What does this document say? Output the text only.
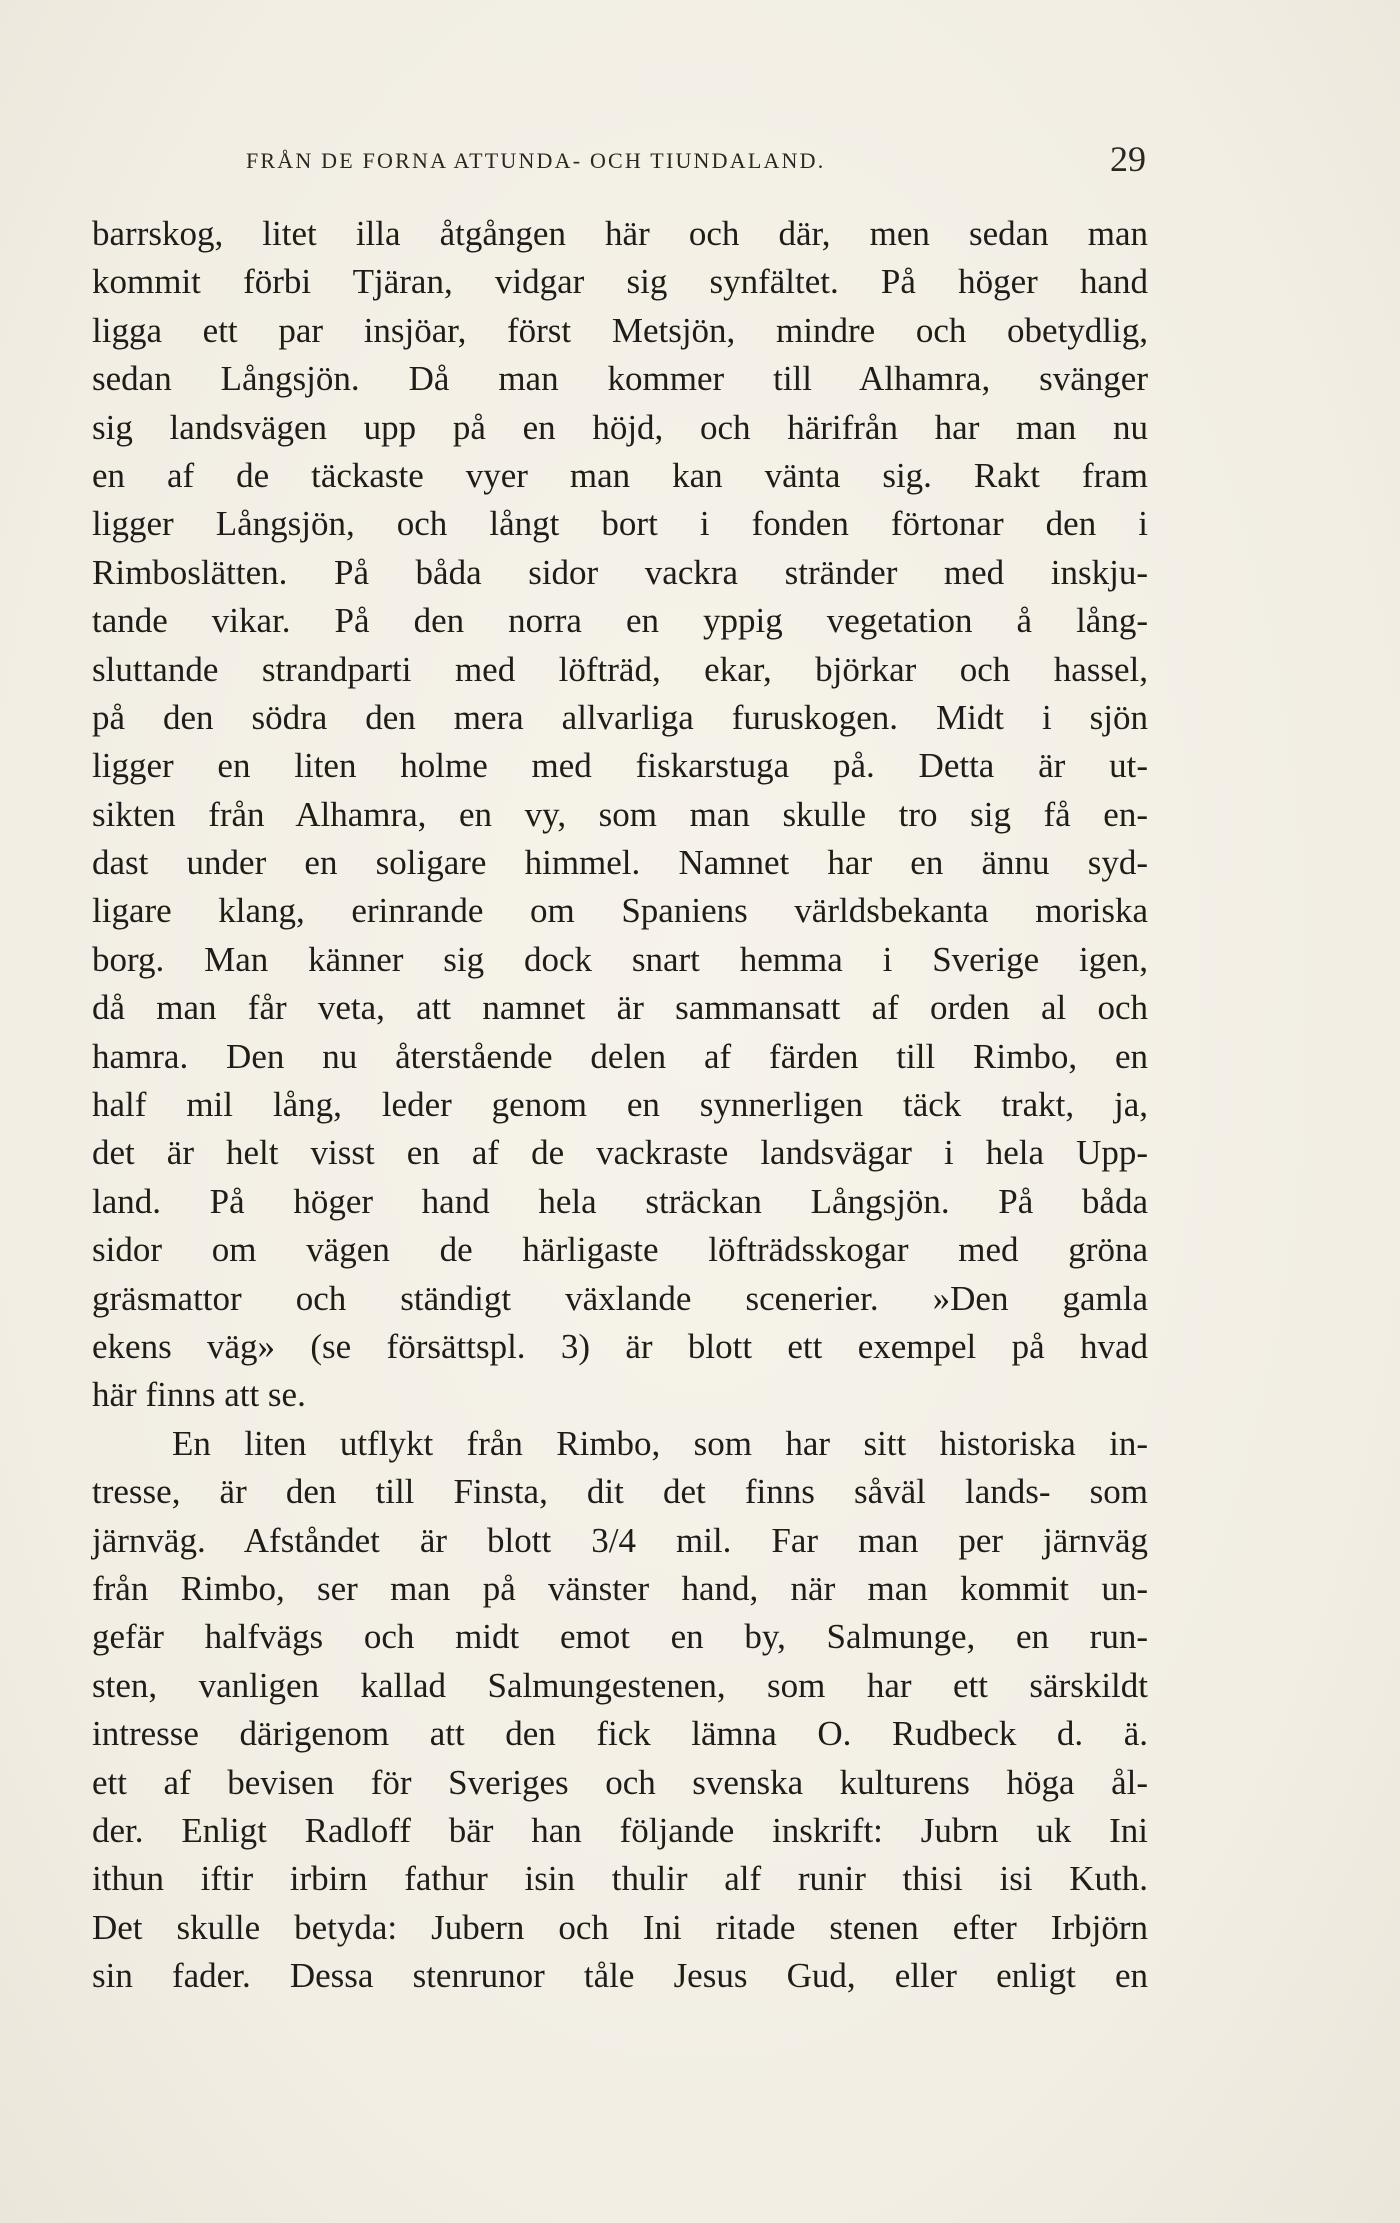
FRÅN DE FORNA ATTUNDA- OCH TIUNDALAND.	29
barrskog, litet illa åtgången här och där, men sedan man
kommit förbi Tjäran, vidgar sig synfältet. På höger hand
ligga ett par insjöar, först Metsjön, mindre och obetydlig,
sedan Långsjön. Då man kommer till Alhamra, svänger
sig landsvägen upp på en höjd, och härifrån har man nu
en af de täckaste vyer man kan vänta sig. Rakt fram
ligger Långsjön, och långt bort i fonden förtonar den i
Rimboslätten. På båda sidor vackra stränder med inskju-
tande vikar. På den norra en yppig vegetation å lång-
sluttande strandparti med löfträd, ekar, björkar och hassel,
på den södra den mera allvarliga furuskogen. Midt i sjön
ligger en liten holme med fiskarstuga på. Detta är ut-
sikten från Alhamra, en vy, som man skulle tro sig få en-
dast under en soligare himmel. Namnet har en ännu syd-
ligare klang, erinrande om Spaniens världsbekanta moriska
borg. Man känner sig dock snart hemma i Sverige igen,
då man får veta, att namnet är sammansatt af orden al och
hamra. Den nu återstående delen af färden till Rimbo, en
half mil lång, leder genom en synnerligen täck trakt, ja,
det är helt visst en af de vackraste landsvägar i hela Upp-
land. På höger hand hela sträckan Långsjön. På båda
sidor om vägen de härligaste löfträdsskogar med gröna
gräsmattor och ständigt växlande scenerier. »Den gamla
ekens väg» (se försättspl. 3) är blott ett exempel på hvad
här finns att se.
En liten utflykt från Rimbo, som har sitt historiska in-
tresse, är den till Finsta, dit det finns såväl lands- som
järnväg. Afståndet är blott 3/4 mil. Far man per järnväg
från Rimbo, ser man på vänster hand, när man kommit un-
gefär halfvägs och midt emot en by, Salmunge, en run-
sten, vanligen kallad Salmungestenen, som har ett särskildt
intresse därigenom att den fick lämna O. Rudbeck d. ä.
ett af bevisen för Sveriges och svenska kulturens höga ål-
der. Enligt Radloff bär han följande inskrift: Jubrn uk Ini
ithun iftir irbirn fathur isin thulir alf runir thisi isi Kuth.
Det skulle betyda: Jubern och Ini ritade stenen efter Irbjörn
sin fader. Dessa stenrunor tåle Jesus Gud, eller enligt en
